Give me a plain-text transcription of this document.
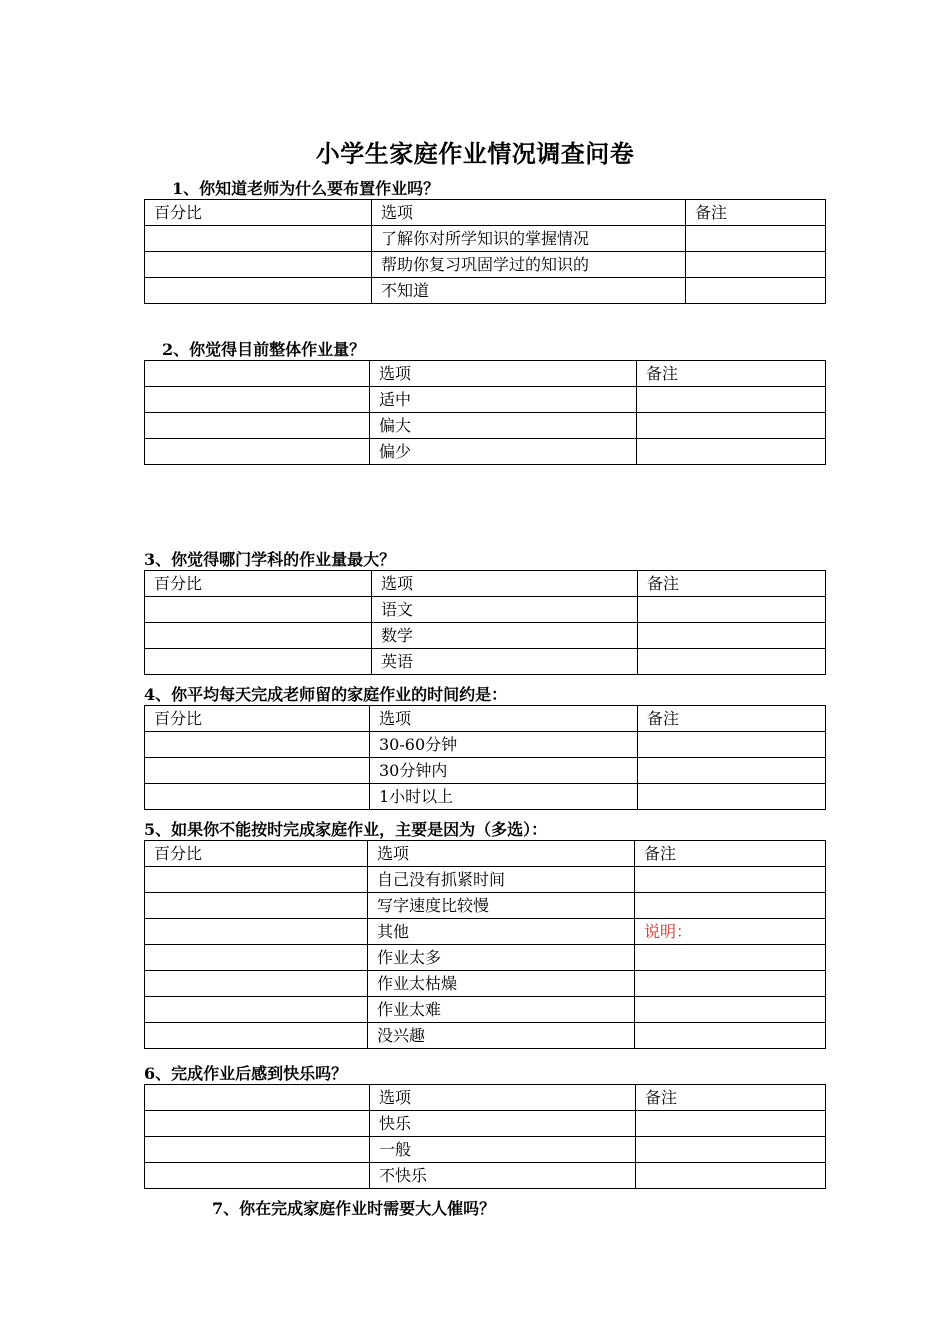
小学生家庭作业情况调查问卷
1、你知道老师为什么要布置作业吗？
百分比	选项	备注
	了解你对所学知识的掌握情况	
	帮助你复习巩固学过的知识的	
	不知道	
2、你觉得目前整体作业量？
	选项	备注
	适中	
	偏大	
	偏少	
3、你觉得哪门学科的作业量最大？
百分比	选项	备注
	语文	
	数学	
	英语	
4、你平均每天完成老师留的家庭作业的时间约是：
百分比	选项	备注
	30-60分钟	
	30分钟内	
	1小时以上	
5、如果你不能按时完成家庭作业，主要是因为（多选）：
百分比	选项	备注
	自己没有抓紧时间	
	写字速度比较慢	
	其他	说明：
	作业太多	
	作业太枯燥	
	作业太难	
	没兴趣	
6、完成作业后感到快乐吗？
	选项	备注
	快乐	
	一般	
	不快乐	
7、你在完成家庭作业时需要大人催吗？
